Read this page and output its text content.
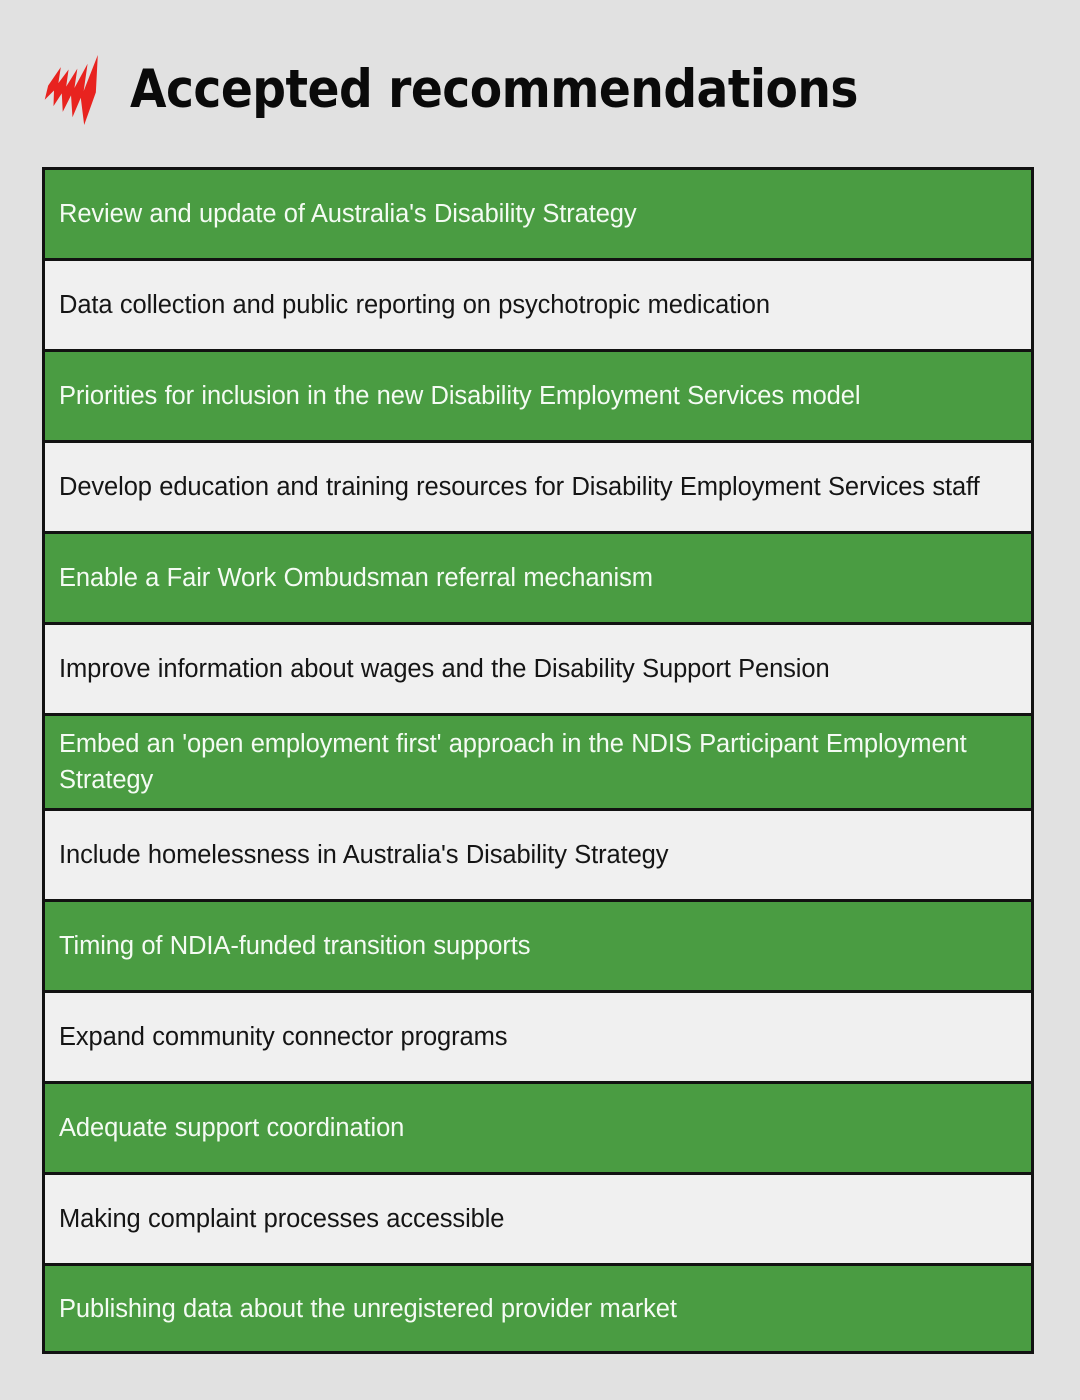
Accepted recommendations
Review and update of Australia's Disability Strategy
Data collection and public reporting on psychotropic medication
Priorities for inclusion in the new Disability Employment Services model
Develop education and training resources for Disability Employment Services staff
Enable a Fair Work Ombudsman referral mechanism
Improve information about wages and the Disability Support Pension
Embed an 'open employment first' approach in the NDIS Participant Employment Strategy
Include homelessness in Australia's Disability Strategy
Timing of NDIA-funded transition supports
Expand community connector programs
Adequate support coordination
Making complaint processes accessible
Publishing data about the unregistered provider market
